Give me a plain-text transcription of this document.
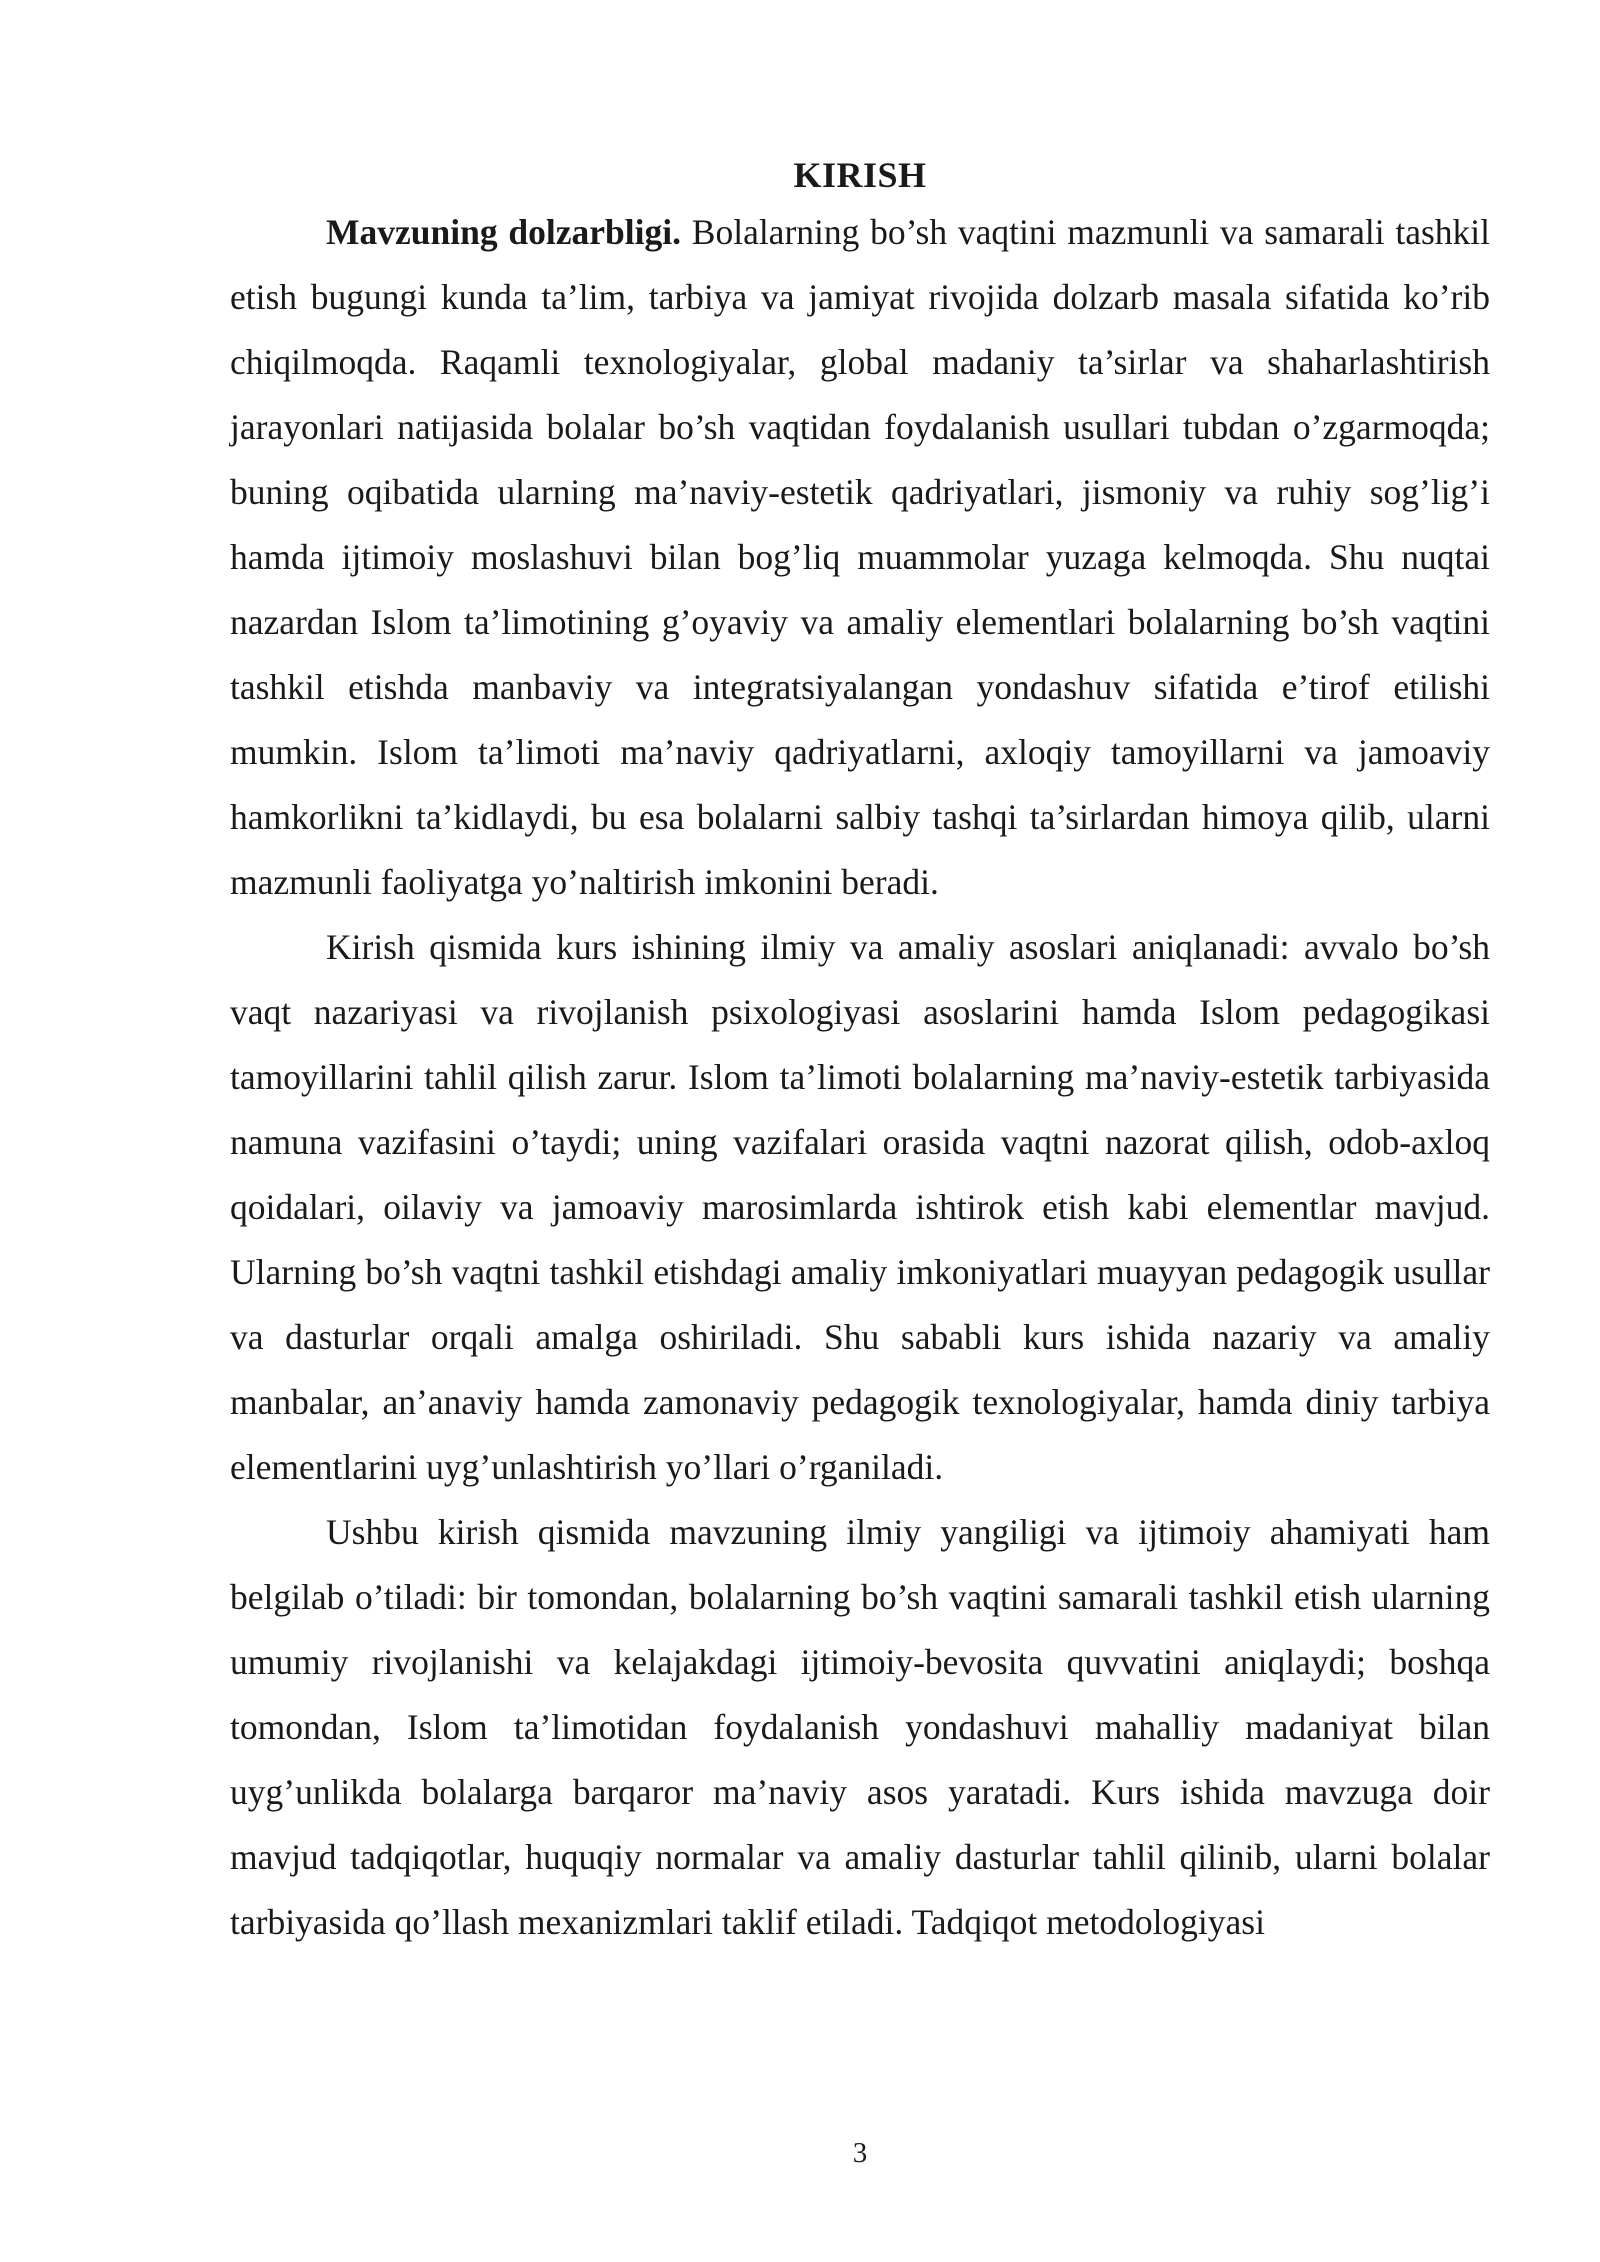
KIRISH

Mavzuning dolzarbligi. Bolalarning bo’sh vaqtini mazmunli va samarali tashkil etish bugungi kunda ta’lim, tarbiya va jamiyat rivojida dolzarb masala sifatida ko’rib chiqilmoqda. Raqamli texnologiyalar, global madaniy ta’sirlar va shaharlashtirish jarayonlari natijasida bolalar bo’sh vaqtidan foydalanish usullari tubdan o’zgarmoqda; buning oqibatida ularning ma’naviy-estetik qadriyatlari, jismoniy va ruhiy sog’lig’i hamda ijtimoiy moslashuvi bilan bog’liq muammolar yuzaga kelmoqda. Shu nuqtai nazardan Islom ta’limotining g’oyaviy va amaliy elementlari bolalarning bo’sh vaqtini tashkil etishda manbaviy va integratsiyalangan yondashuv sifatida e’tirof etilishi mumkin. Islom ta’limoti ma’naviy qadriyatlarni, axloqiy tamoyillarni va jamoaviy hamkorlikni ta’kidlaydi, bu esa bolalarni salbiy tashqi ta’sirlardan himoya qilib, ularni mazmunli faoliyatga yo’naltirish imkonini beradi.

Kirish qismida kurs ishining ilmiy va amaliy asoslari aniqlanadi: avvalo bo’sh vaqt nazariyasi va rivojlanish psixologiyasi asoslarini hamda Islom pedagogikasi tamoyillarini tahlil qilish zarur. Islom ta’limoti bolalarning ma’naviy-estetik tarbiyasida namuna vazifasini o’taydi; uning vazifalari orasida vaqtni nazorat qilish, odob-axloq qoidalari, oilaviy va jamoaviy marosimlarda ishtirok etish kabi elementlar mavjud. Ularning bo’sh vaqtni tashkil etishdagi amaliy imkoniyatlari muayyan pedagogik usullar va dasturlar orqali amalga oshiriladi. Shu sababli kurs ishida nazariy va amaliy manbalar, an’anaviy hamda zamonaviy pedagogik texnologiyalar, hamda diniy tarbiya elementlarini uyg’unlashtirish yo’llari o’rganiladi.

Ushbu kirish qismida mavzuning ilmiy yangiligi va ijtimoiy ahamiyati ham belgilab o’tiladi: bir tomondan, bolalarning bo’sh vaqtini samarali tashkil etish ularning umumiy rivojlanishi va kelajakdagi ijtimoiy-bevosita quvvatini aniqlaydi; boshqa tomondan, Islom ta’limotidan foydalanish yondashuvi mahalliy madaniyat bilan uyg’unlikda bolalarga barqaror ma’naviy asos yaratadi. Kurs ishida mavzuga doir mavjud tadqiqotlar, huquqiy normalar va amaliy dasturlar tahlil qilinib, ularni bolalar tarbiyasida qo’llash mexanizmlari taklif etiladi. Tadqiqot metodologiyasi

3
